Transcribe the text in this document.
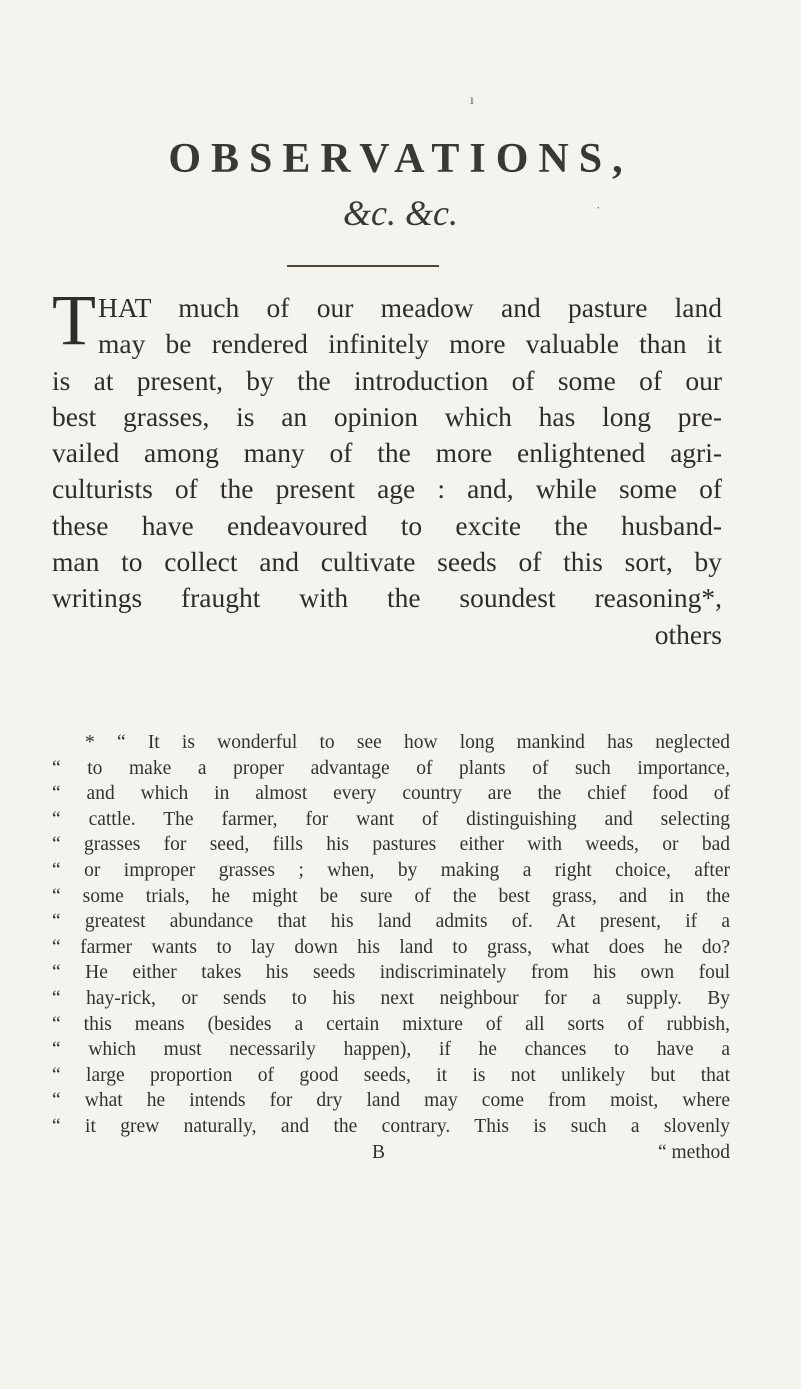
ı
OBSERVATIONS,
&c. &c.	˙
THAT much of our meadow and pasture land
may be rendered infinitely more valuable than it
is at present, by the introduction of some of our
best grasses, is an opinion which has long pre-
vailed among many of the more enlightened agri-
culturists of the present age : and, while some of
these have endeavoured to excite the husband-
man to collect and cultivate seeds of this sort, by
writings fraught with the soundest reasoning*,
others
* “ It is wonderful to see how long mankind has neglected
“ to make a proper advantage of plants of such importance,
“ and which in almost every country are the chief food of
“ cattle. The farmer, for want of distinguishing and selecting
“ grasses for seed, fills his pastures either with weeds, or bad
“ or improper grasses ; when, by making a right choice, after
“ some trials, he might be sure of the best grass, and in the
“ greatest abundance that his land admits of. At present, if a
“ farmer wants to lay down his land to grass, what does he do?
“ He either takes his seeds indiscriminately from his own foul
“ hay-rick, or sends to his next neighbour for a supply. By
“ this means (besides a certain mixture of all sorts of rubbish,
“ which must necessarily happen), if he chances to have a
“ large proportion of good seeds, it is not unlikely but that
“ what he intends for dry land may come from moist, where
“ it grew naturally, and the contrary. This is such a slovenly
B	“ method
